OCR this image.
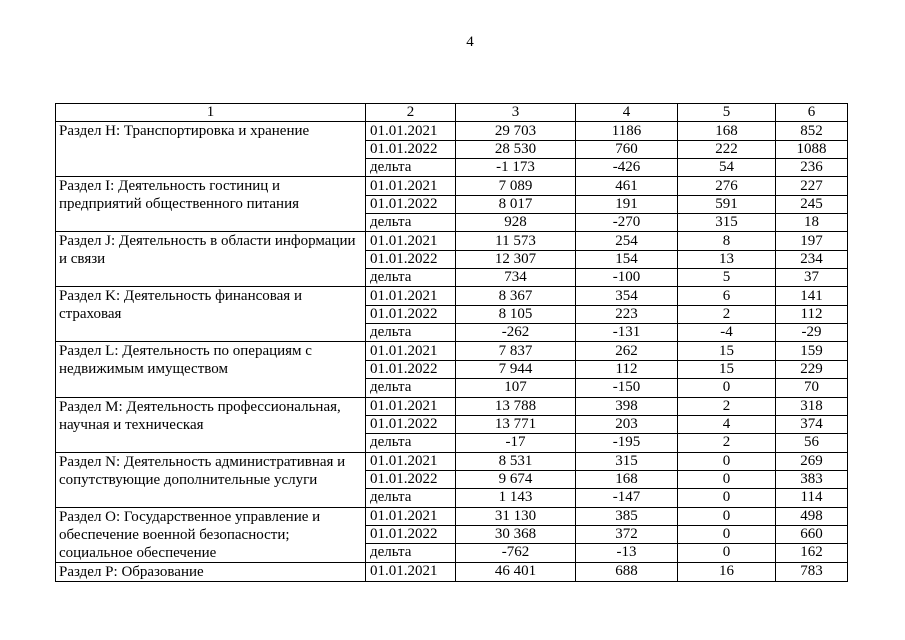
4
1	2	3	4	5	6
Раздел H: Транспортировка и хранение	01.01.2021	29 703	1186	168	852
	01.01.2022	28 530	760	222	1088
	дельта	-1 173	-426	54	236
Раздел I: Деятельность гостиниц и предприятий общественного питания	01.01.2021	7 089	461	276	227
	01.01.2022	8 017	191	591	245
	дельта	928	-270	315	18
Раздел J: Деятельность в области информации и связи	01.01.2021	11 573	254	8	197
	01.01.2022	12 307	154	13	234
	дельта	734	-100	5	37
Раздел K: Деятельность финансовая и страховая	01.01.2021	8 367	354	6	141
	01.01.2022	8 105	223	2	112
	дельта	-262	-131	-4	-29
Раздел L: Деятельность по операциям с недвижимым имуществом	01.01.2021	7 837	262	15	159
	01.01.2022	7 944	112	15	229
	дельта	107	-150	0	70
Раздел M: Деятельность профессиональная, научная и техническая	01.01.2021	13 788	398	2	318
	01.01.2022	13 771	203	4	374
	дельта	-17	-195	2	56
Раздел N: Деятельность административная и сопутствующие дополнительные услуги	01.01.2021	8 531	315	0	269
	01.01.2022	9 674	168	0	383
	дельта	1 143	-147	0	114
Раздел O: Государственное управление и обеспечение военной безопасности; социальное обеспечение	01.01.2021	31 130	385	0	498
	01.01.2022	30 368	372	0	660
	дельта	-762	-13	0	162
Раздел P: Образование	01.01.2021	46 401	688	16	783
